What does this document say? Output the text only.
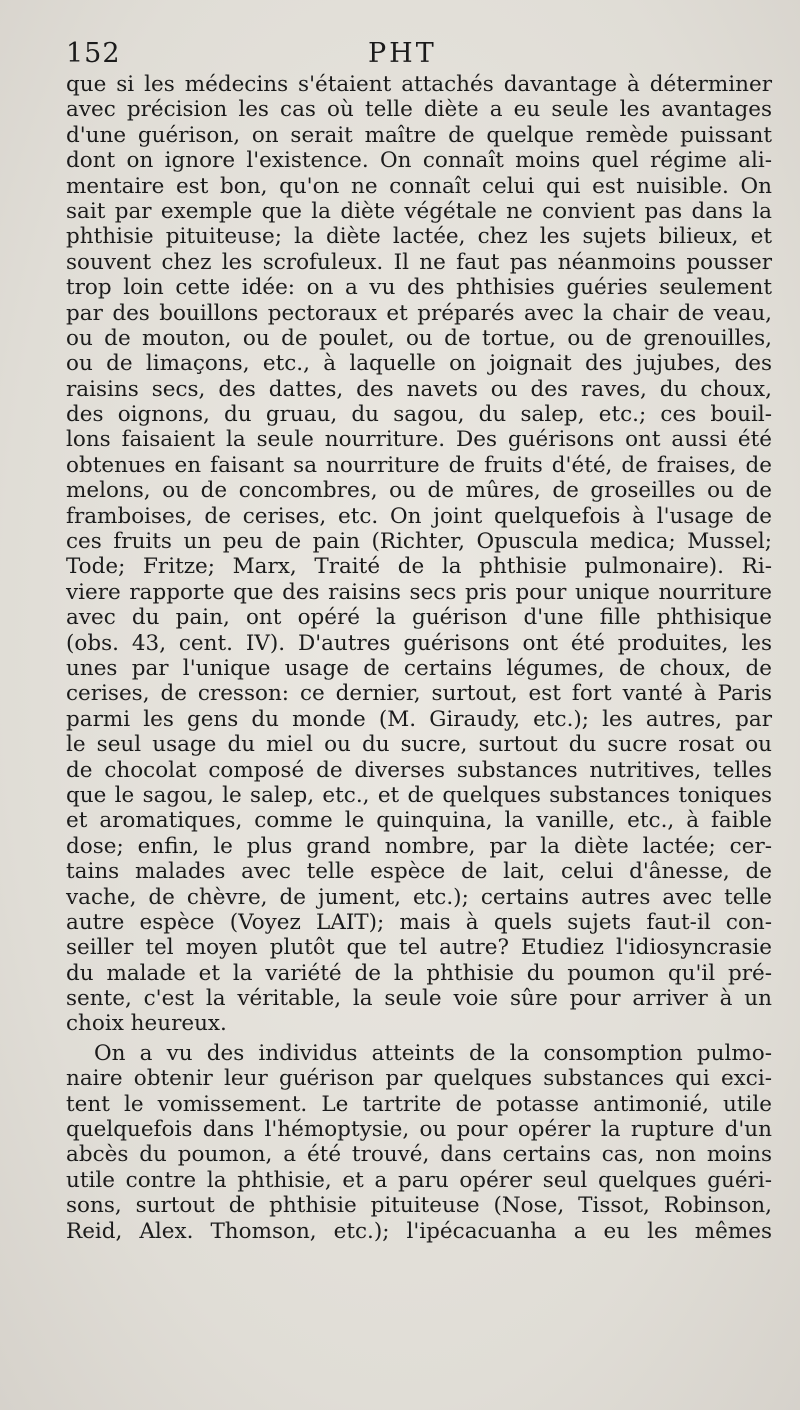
152	PHT
que si les médecins s'étaient attachés davantage à déterminer
avec précision les cas où telle diète a eu seule les avantages
d'une guérison, on serait maître de quelque remède puissant
dont on ignore l'existence. On connaît moins quel régime ali-
mentaire est bon, qu'on ne connaît celui qui est nuisible. On
sait par exemple que la diète végétale ne convient pas dans la
phthisie pituiteuse; la diète lactée, chez les sujets bilieux, et
souvent chez les scrofuleux. Il ne faut pas néanmoins pousser
trop loin cette idée: on a vu des phthisies guéries seulement
par des bouillons pectoraux et préparés avec la chair de veau,
ou de mouton, ou de poulet, ou de tortue, ou de grenouilles,
ou de limaçons, etc., à laquelle on joignait des jujubes, des
raisins secs, des dattes, des navets ou des raves, du choux,
des oignons, du gruau, du sagou, du salep, etc.; ces bouil-
lons faisaient la seule nourriture. Des guérisons ont aussi été
obtenues en faisant sa nourriture de fruits d'été, de fraises, de
melons, ou de concombres, ou de mûres, de groseilles ou de
framboises, de cerises, etc. On joint quelquefois à l'usage de
ces fruits un peu de pain (Richter, Opuscula medica; Mussel;
Tode; Fritze; Marx, Traité de la phthisie pulmonaire). Ri-
viere rapporte que des raisins secs pris pour unique nourriture
avec du pain, ont opéré la guérison d'une fille phthisique
(obs. 43, cent. IV). D'autres guérisons ont été produites, les
unes par l'unique usage de certains légumes, de choux, de
cerises, de cresson: ce dernier, surtout, est fort vanté à Paris
parmi les gens du monde (M. Giraudy, etc.); les autres, par
le seul usage du miel ou du sucre, surtout du sucre rosat ou
de chocolat composé de diverses substances nutritives, telles
que le sagou, le salep, etc., et de quelques substances toniques
et aromatiques, comme le quinquina, la vanille, etc., à faible
dose; enfin, le plus grand nombre, par la diète lactée; cer-
tains malades avec telle espèce de lait, celui d'ânesse, de
vache, de chèvre, de jument, etc.); certains autres avec telle
autre espèce (Voyez LAIT); mais à quels sujets faut-il con-
seiller tel moyen plutôt que tel autre? Etudiez l'idiosyncrasie
du malade et la variété de la phthisie du poumon qu'il pré-
sente, c'est la véritable, la seule voie sûre pour arriver à un
choix heureux.
On a vu des individus atteints de la consomption pulmo-
naire obtenir leur guérison par quelques substances qui exci-
tent le vomissement. Le tartrite de potasse antimonié, utile
quelquefois dans l'hémoptysie, ou pour opérer la rupture d'un
abcès du poumon, a été trouvé, dans certains cas, non moins
utile contre la phthisie, et a paru opérer seul quelques guéri-
sons, surtout de phthisie pituiteuse (Nose, Tissot, Robinson,
Reid, Alex. Thomson, etc.); l'ipécacuanha a eu les mêmes
